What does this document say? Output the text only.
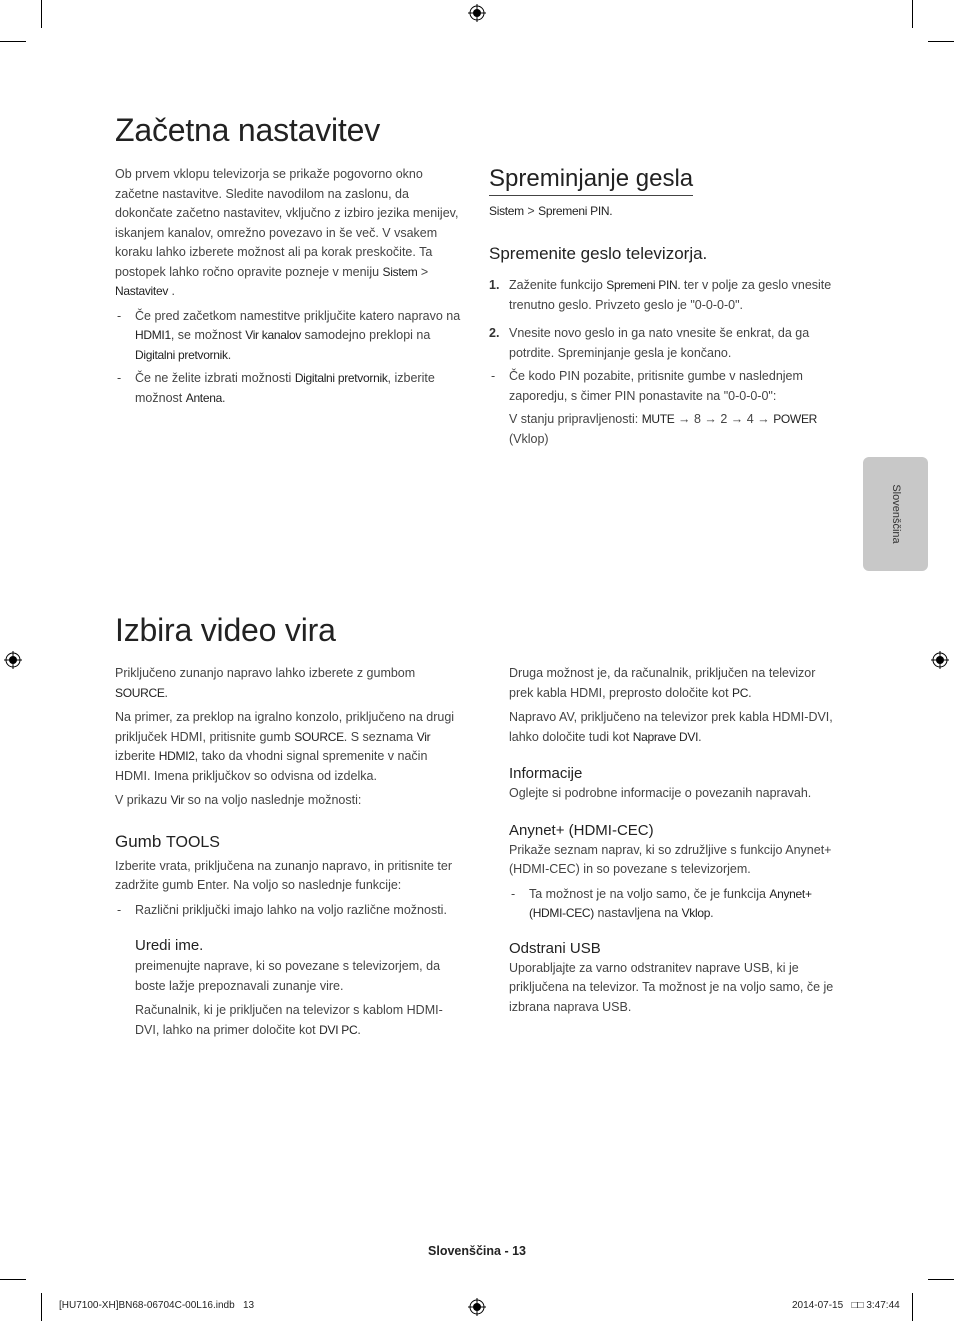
Slovenščina
Začetna nastavitev

Ob prvem vklopu televizorja se prikaže pogovorno okno začetne nastavitve. Sledite navodilom na zaslonu, da dokončate začetno nastavitev, vključno z izbiro jezika menijev, iskanjem kanalov, omrežno povezavo in še več. V vsakem koraku lahko izberete možnost ali pa korak preskočite. Ta postopek lahko ročno opravite pozneje v meniju Sistem > Nastavitev .

- Če pred začetkom namestitve priključite katero napravo na HDMI1, se možnost Vir kanalov samodejno preklopi na Digitalni pretvornik.

- Če ne želite izbrati možnosti Digitalni pretvornik, izberite možnost Antena.

Spreminjanje gesla
Sistem > Spremeni PIN.
Spremenite geslo televizorja.

1. Zaženite funkcijo Spremeni PIN. ter v polje za geslo vnesite trenutno geslo. Privzeto geslo je "0-0-0-0".

2. Vnesite novo geslo in ga nato vnesite še enkrat, da ga potrdite. Spreminjanje gesla je končano.

- Če kodo PIN pozabite, pritisnite gumbe v naslednjem zaporedju, s čimer PIN ponastavite na "0-0-0-0":

V stanju pripravljenosti: MUTE → 8 → 2 → 4 → POWER (Vklop)

Izbira video vira

Priključeno zunanjo napravo lahko izberete z gumbom SOURCE.

Na primer, za preklop na igralno konzolo, priključeno na drugi priključek HDMI, pritisnite gumb SOURCE. S seznama Vir izberite HDMI2, tako da vhodni signal spremenite v način HDMI. Imena priključkov so odvisna od izdelka.

V prikazu Vir so na voljo naslednje možnosti:

Gumb TOOLS

Izberite vrata, priključena na zunanjo napravo, in pritisnite ter zadržite gumb Enter. Na voljo so naslednje funkcije:

- Različni priključki imajo lahko na voljo različne možnosti.

Uredi ime.

preimenujte naprave, ki so povezane s televizorjem, da boste lažje prepoznavali zunanje vire.

Računalnik, ki je priključen na televizor s kablom HDMI-DVI, lahko na primer določite kot DVI PC.

Druga možnost je, da računalnik, priključen na televizor prek kabla HDMI, preprosto določite kot PC.

Napravo AV, priključeno na televizor prek kabla HDMI-DVI, lahko določite tudi kot Naprave DVI.

Informacije

Oglejte si podrobne informacije o povezanih napravah.

Anynet+ (HDMI-CEC)

Prikaže seznam naprav, ki so združljive s funkcijo Anynet+ (HDMI-CEC) in so povezane s televizorjem.

- Ta možnost je na voljo samo, če je funkcija Anynet+ (HDMI-CEC) nastavljena na Vklop.

Odstrani USB

Uporabljajte za varno odstranitev naprave USB, ki je priključena na televizor. Ta možnost je na voljo samo, če je izbrana naprava USB.

Slovenščina - 13
[HU7100-XH]BN68-06704C-00L16.indb   13	2014-07-15   □□ 3:47:44
